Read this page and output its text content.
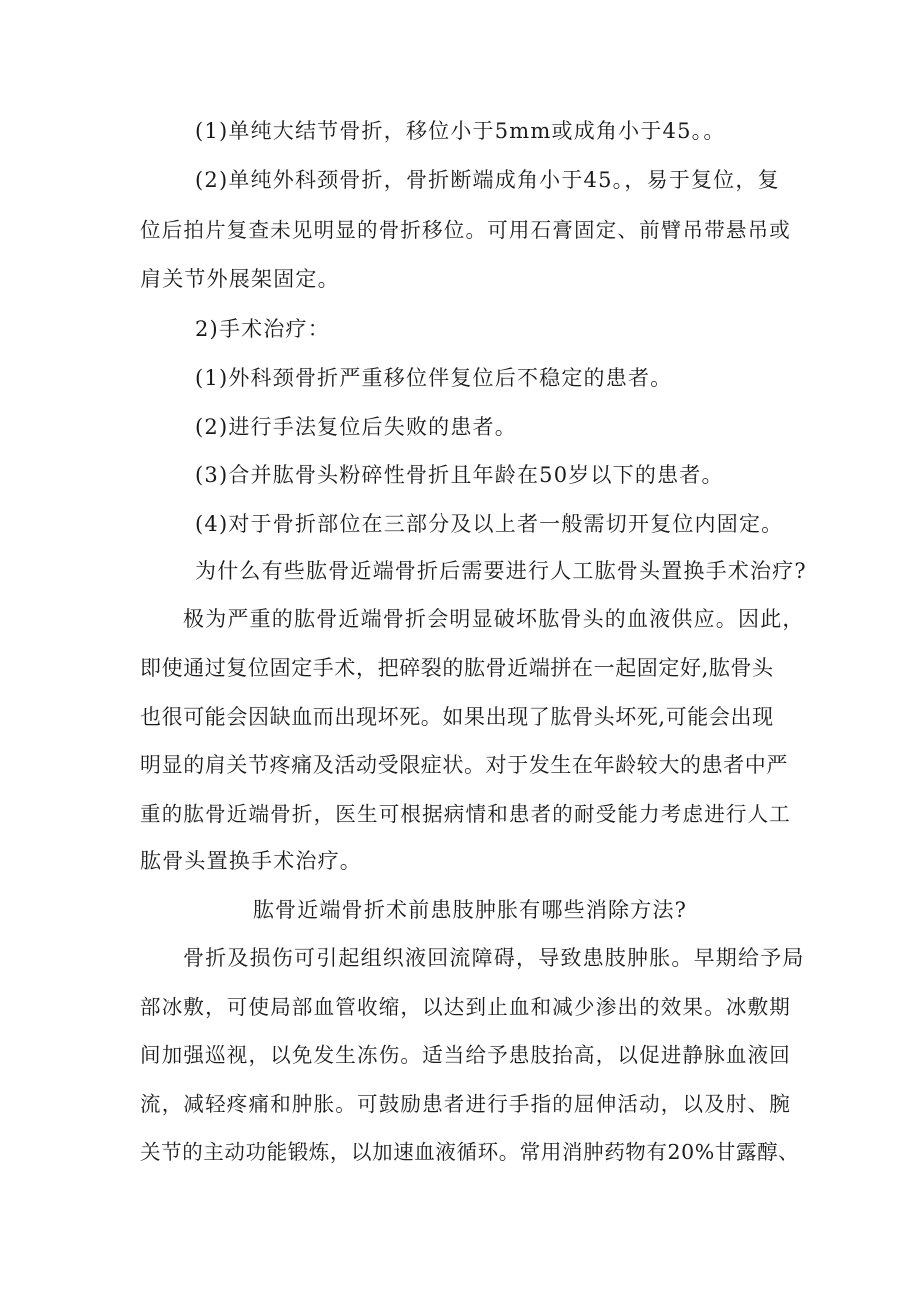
(1)单纯大结节骨折，移位小于5mm或成角小于45。。
(2)单纯外科颈骨折，骨折断端成角小于45。，易于复位，复
位后拍片复查未见明显的骨折移位。可用石膏固定、前臂吊带悬吊或
肩关节外展架固定。
2)手术治疗：
(1)外科颈骨折严重移位伴复位后不稳定的患者。
(2)进行手法复位后失败的患者。
(3)合并肱骨头粉碎性骨折且年龄在50岁以下的患者。
(4)对于骨折部位在三部分及以上者一般需切开复位内固定。
为什么有些肱骨近端骨折后需要进行人工肱骨头置换手术治疗?
极为严重的肱骨近端骨折会明显破坏肱骨头的血液供应。因此，
即使通过复位固定手术，把碎裂的肱骨近端拼在一起固定好,肱骨头
也很可能会因缺血而出现坏死。如果出现了肱骨头坏死,可能会出现
明显的肩关节疼痛及活动受限症状。对于发生在年龄较大的患者中严
重的肱骨近端骨折，医生可根据病情和患者的耐受能力考虑进行人工
肱骨头置换手术治疗。
肱骨近端骨折术前患肢肿胀有哪些消除方法?
骨折及损伤可引起组织液回流障碍，导致患肢肿胀。早期给予局
部冰敷，可使局部血管收缩，以达到止血和减少渗出的效果。冰敷期
间加强巡视，以免发生冻伤。适当给予患肢抬高，以促进静脉血液回
流，减轻疼痛和肿胀。可鼓励患者进行手指的屈伸活动，以及肘、腕
关节的主动功能锻炼，以加速血液循环。常用消肿药物有20%甘露醇、
